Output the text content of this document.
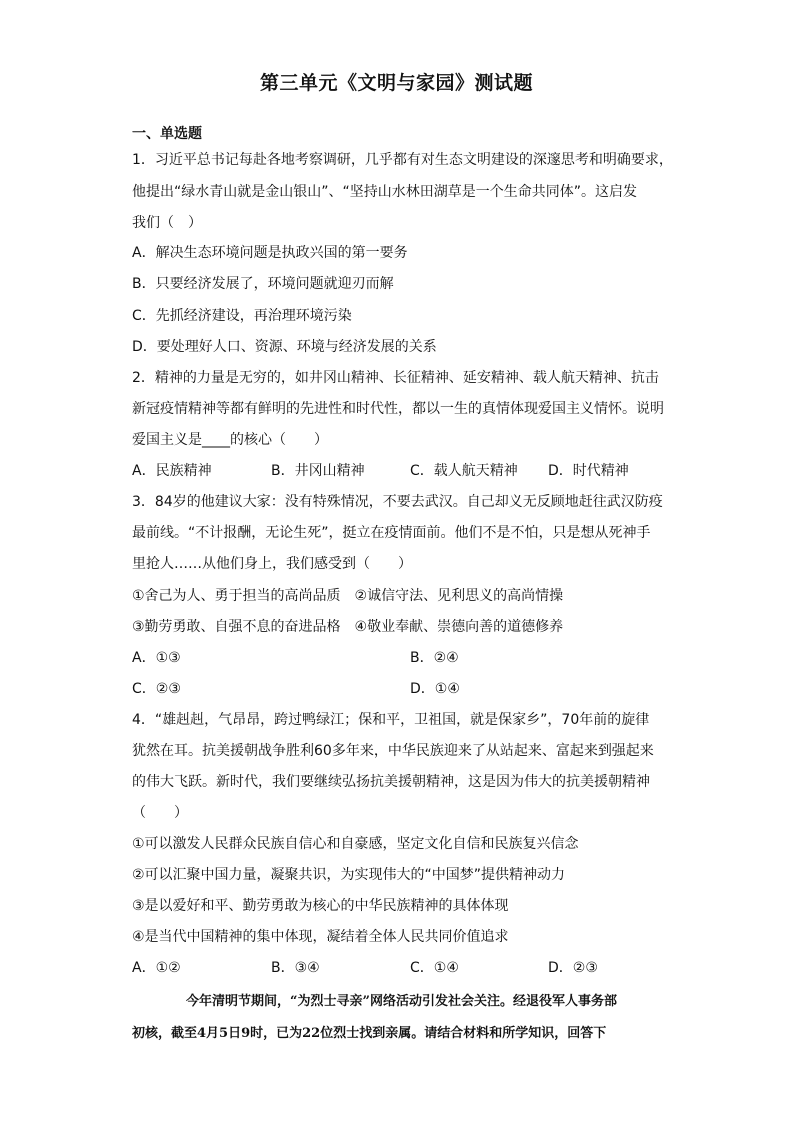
第三单元《文明与家园》测试题
一、单选题
1．习近平总书记每赴各地考察调研，几乎都有对生态文明建设的深邃思考和明确要求，
他提出“绿水青山就是金山银山”、“坚持山水林田湖草是一个生命共同体”。这启发
我们（　）
A．解决生态环境问题是执政兴国的第一要务
B．只要经济发展了，环境问题就迎刃而解
C．先抓经济建设，再治理环境污染
D．要处理好人口、资源、环境与经济发展的关系
2．精神的力量是无穷的，如井冈山精神、长征精神、延安精神、载人航天精神、抗击
新冠疫情精神等都有鲜明的先进性和时代性，都以一生的真情体现爱国主义情怀。说明
爱国主义是____的核心（　　）
A．民族精神	B．井冈山精神	C．载人航天精神 D．时代精神
3．84岁的他建议大家：没有特殊情况，不要去武汉。自己却义无反顾地赶往武汉防疫
最前线。“不计报酬，无论生死”，挺立在疫情面前。他们不是不怕，只是想从死神手
里抢人……从他们身上，我们感受到（　　）
①舍己为人、勇于担当的高尚品质　②诚信守法、见利思义的高尚情操
③勤劳勇敢、自强不息的奋进品格　④敬业奉献、崇德向善的道德修养
A．①③	B．②④
C．②③	D．①④
4．“雄赳赳，气昂昂，跨过鸭绿江；保和平，卫祖国，就是保家乡”，70年前的旋律
犹然在耳。抗美援朝战争胜利60多年来，中华民族迎来了从站起来、富起来到强起来
的伟大飞跃。新时代，我们要继续弘扬抗美援朝精神，这是因为伟大的抗美援朝精神
（　　）
①可以激发人民群众民族自信心和自豪感，坚定文化自信和民族复兴信念
②可以汇聚中国力量，凝聚共识，为实现伟大的“中国梦”提供精神动力
③是以爱好和平、勤劳勇敢为核心的中华民族精神的具体体现
④是当代中国精神的集中体现，凝结着全体人民共同价值追求
A．①②	B．③④	C．①④	D．②③
今年清明节期间，“为烈士寻亲”网络活动引发社会关注。经退役军人事务部
初核，截至4月5日9时，已为22位烈士找到亲属。请结合材料和所学知识，回答下
